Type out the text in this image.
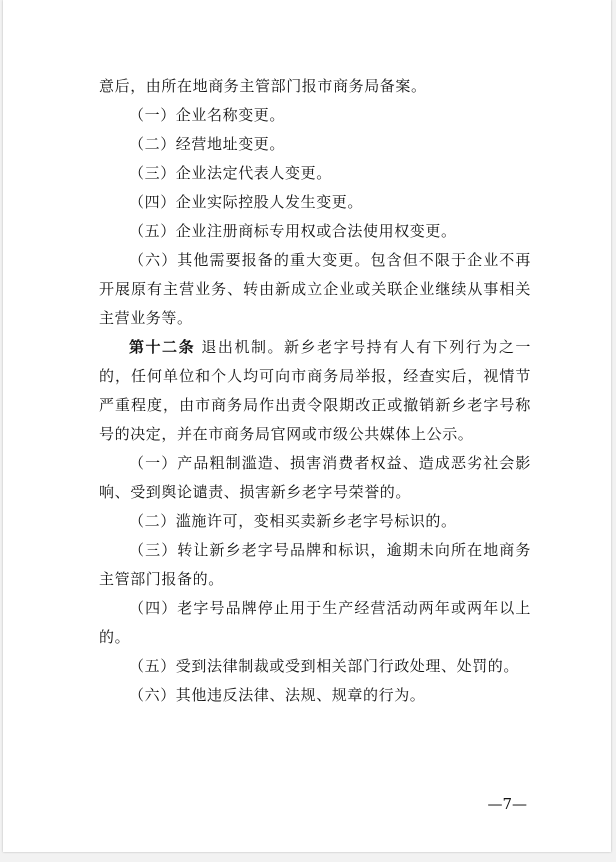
意后，由所在地商务主管部门报市商务局备案。

（一）企业名称变更。

（二）经营地址变更。

（三）企业法定代表人变更。

（四）企业实际控股人发生变更。

（五）企业注册商标专用权或合法使用权变更。

（六）其他需要报备的重大变更。包含但不限于企业不再开展原有主营业务、转由新成立企业或关联企业继续从事相关主营业务等。

第十二条 退出机制。新乡老字号持有人有下列行为之一的，任何单位和个人均可向市商务局举报，经查实后，视情节严重程度，由市商务局作出责令限期改正或撤销新乡老字号称号的决定，并在市商务局官网或市级公共媒体上公示。

（一）产品粗制滥造、损害消费者权益、造成恶劣社会影响、受到舆论谴责、损害新乡老字号荣誉的。

（二）滥施许可，变相买卖新乡老字号标识的。

（三）转让新乡老字号品牌和标识，逾期未向所在地商务主管部门报备的。

（四）老字号品牌停止用于生产经营活动两年或两年以上的。

（五）受到法律制裁或受到相关部门行政处理、处罚的。

（六）其他违反法律、法规、规章的行为。

—7—
